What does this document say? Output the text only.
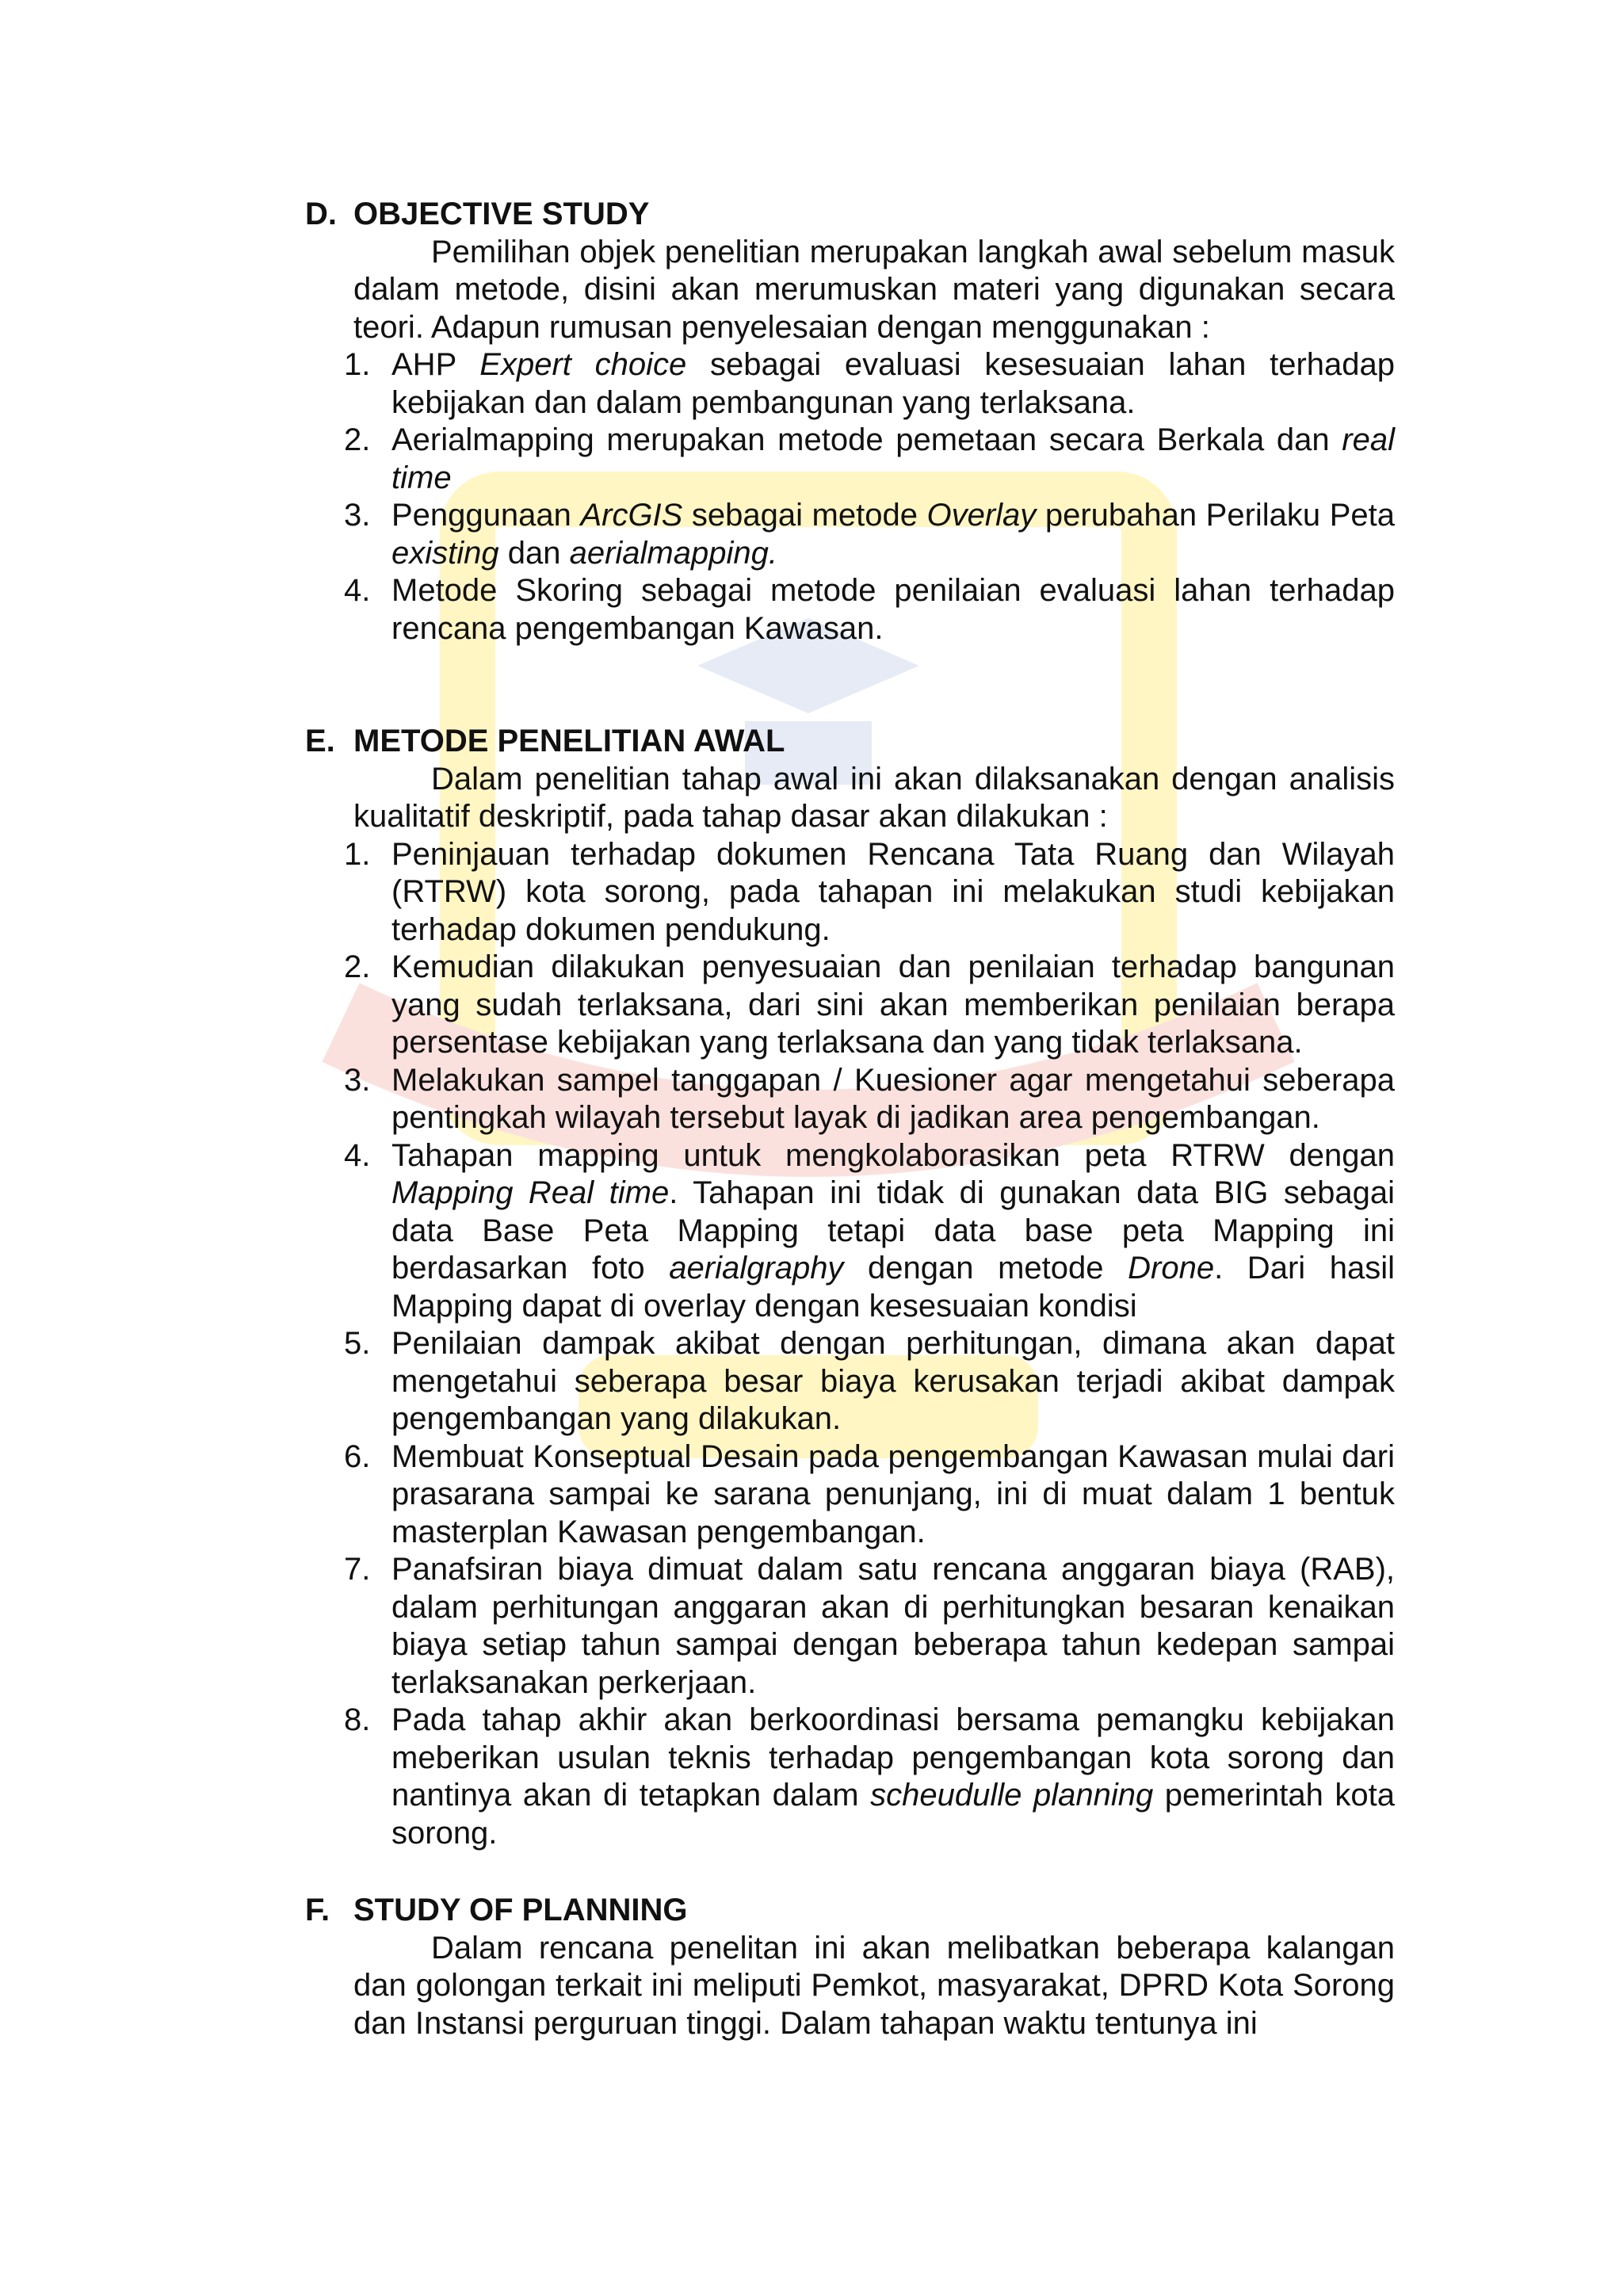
D. OBJECTIVE STUDY
Pemilihan objek penelitian merupakan langkah awal sebelum masuk dalam metode, disini akan merumuskan materi yang digunakan secara teori. Adapun rumusan penyelesaian dengan menggunakan :
1. AHP Expert choice sebagai evaluasi kesesuaian lahan terhadap kebijakan dan dalam pembangunan yang terlaksana.
2. Aerialmapping merupakan metode pemetaan secara Berkala dan real time
3. Penggunaan ArcGIS sebagai metode Overlay perubahan Perilaku Peta existing dan aerialmapping.
4. Metode Skoring sebagai metode penilaian evaluasi lahan terhadap rencana pengembangan Kawasan.
E. METODE PENELITIAN AWAL
Dalam penelitian tahap awal ini akan dilaksanakan dengan analisis kualitatif deskriptif, pada tahap dasar akan dilakukan :
1. Peninjauan terhadap dokumen Rencana Tata Ruang dan Wilayah (RTRW) kota sorong, pada tahapan ini melakukan studi kebijakan terhadap dokumen pendukung.
2. Kemudian dilakukan penyesuaian dan penilaian terhadap bangunan yang sudah terlaksana, dari sini akan memberikan penilaian berapa persentase kebijakan yang terlaksana dan yang tidak terlaksana.
3. Melakukan sampel tanggapan / Kuesioner agar mengetahui seberapa pentingkah wilayah tersebut layak di jadikan area pengembangan.
4. Tahapan mapping untuk mengkolaborasikan peta RTRW dengan Mapping Real time. Tahapan ini tidak di gunakan data BIG sebagai data Base Peta Mapping tetapi data base peta Mapping ini berdasarkan foto aerialgraphy dengan metode Drone. Dari hasil Mapping dapat di overlay dengan kesesuaian kondisi
5. Penilaian dampak akibat dengan perhitungan, dimana akan dapat mengetahui seberapa besar biaya kerusakan terjadi akibat dampak pengembangan yang dilakukan.
6. Membuat Konseptual Desain pada pengembangan Kawasan mulai dari prasarana sampai ke sarana penunjang, ini di muat dalam 1 bentuk masterplan Kawasan pengembangan.
7. Panafsiran biaya dimuat dalam satu rencana anggaran biaya (RAB), dalam perhitungan anggaran akan di perhitungkan besaran kenaikan biaya setiap tahun sampai dengan beberapa tahun kedepan sampai terlaksanakan perkerjaan.
8. Pada tahap akhir akan berkoordinasi bersama pemangku kebijakan meberikan usulan teknis terhadap pengembangan kota sorong dan nantinya akan di tetapkan dalam scheudulle planning pemerintah kota sorong.
F. STUDY OF PLANNING
Dalam rencana penelitan ini akan melibatkan beberapa kalangan dan golongan terkait ini meliputi Pemkot, masyarakat, DPRD Kota Sorong dan Instansi perguruan tinggi. Dalam tahapan waktu tentunya ini
